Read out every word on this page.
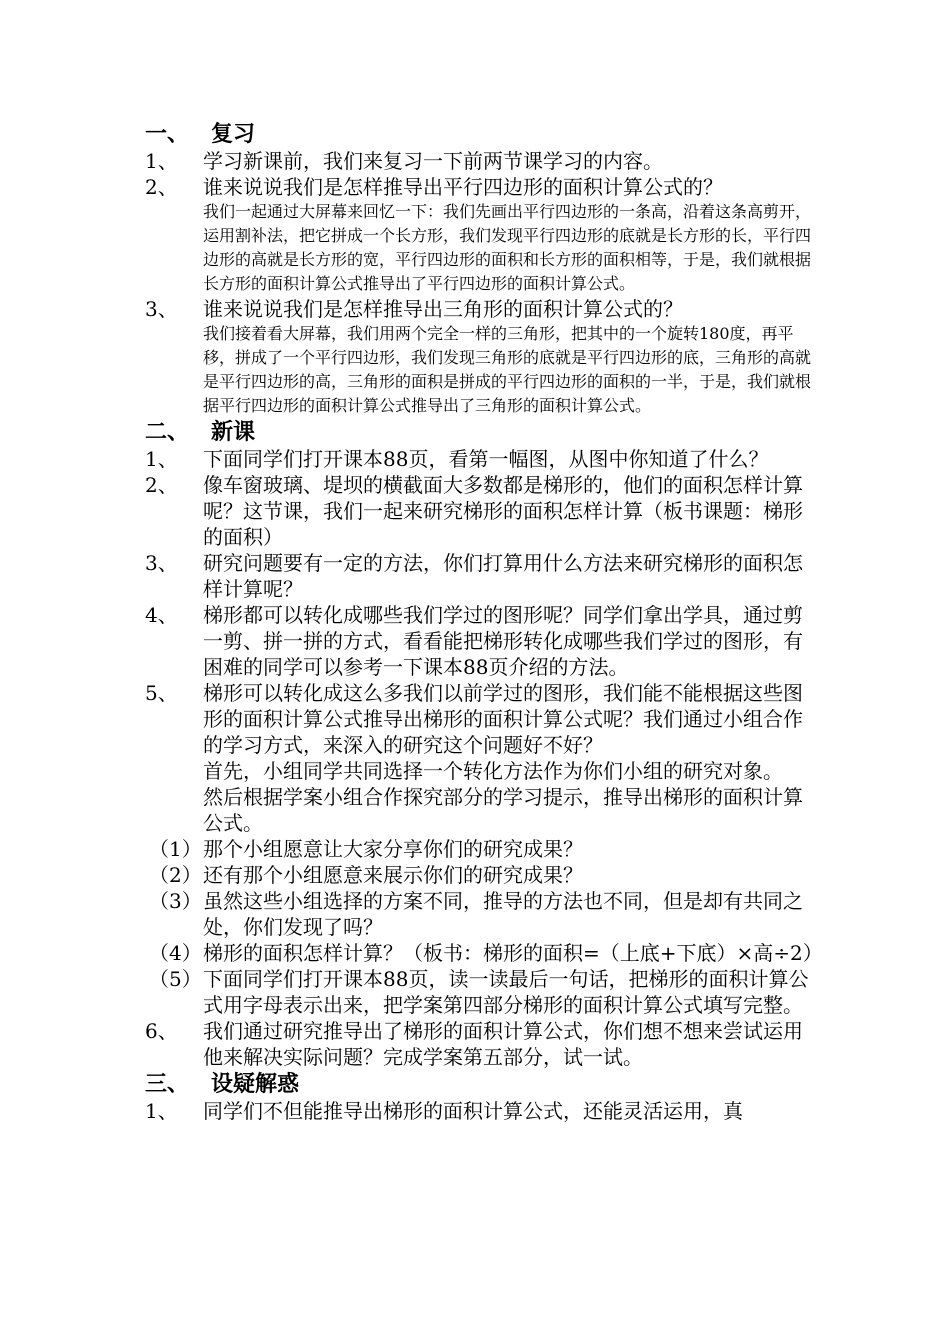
一、 复习
1、	学习新课前，我们来复习一下前两节课学习的内容。
2、	谁来说说我们是怎样推导出平行四边形的面积计算公式的？
我们一起通过大屏幕来回忆一下：我们先画出平行四边形的一条高，沿着这条高剪开，运用割补法，把它拼成一个长方形，我们发现平行四边形的底就是长方形的长，平行四边形的高就是长方形的宽，平行四边形的面积和长方形的面积相等，于是，我们就根据长方形的面积计算公式推导出了平行四边形的面积计算公式。
3、	谁来说说我们是怎样推导出三角形的面积计算公式的？
我们接着看大屏幕，我们用两个完全一样的三角形，把其中的一个旋转180度，再平移，拼成了一个平行四边形，我们发现三角形的底就是平行四边形的底，三角形的高就是平行四边形的高，三角形的面积是拼成的平行四边形的面积的一半，于是，我们就根据平行四边形的面积计算公式推导出了三角形的面积计算公式。
二、 新课
1、	下面同学们打开课本88页，看第一幅图，从图中你知道了什么？
2、	像车窗玻璃、堤坝的横截面大多数都是梯形的，他们的面积怎样计算呢？这节课，我们一起来研究梯形的面积怎样计算（板书课题：梯形的面积）
3、	研究问题要有一定的方法，你们打算用什么方法来研究梯形的面积怎样计算呢？
4、	梯形都可以转化成哪些我们学过的图形呢？同学们拿出学具，通过剪一剪、拼一拼的方式，看看能把梯形转化成哪些我们学过的图形，有困难的同学可以参考一下课本88页介绍的方法。
5、	梯形可以转化成这么多我们以前学过的图形，我们能不能根据这些图形的面积计算公式推导出梯形的面积计算公式呢？我们通过小组合作的学习方式，来深入的研究这个问题好不好？
首先，小组同学共同选择一个转化方法作为你们小组的研究对象。
然后根据学案小组合作探究部分的学习提示，推导出梯形的面积计算公式。
（1） 那个小组愿意让大家分享你们的研究成果？
（2） 还有那个小组愿意来展示你们的研究成果？
（3） 虽然这些小组选择的方案不同，推导的方法也不同，但是却有共同之处，你们发现了吗？
（4） 梯形的面积怎样计算？（板书：梯形的面积=（上底+下底）×高÷2）
（5） 下面同学们打开课本88页，读一读最后一句话，把梯形的面积计算公式用字母表示出来，把学案第四部分梯形的面积计算公式填写完整。
6、	我们通过研究推导出了梯形的面积计算公式，你们想不想来尝试运用他来解决实际问题？完成学案第五部分，试一试。
三、 设疑解惑
1、	同学们不但能推导出梯形的面积计算公式，还能灵活运用，真
